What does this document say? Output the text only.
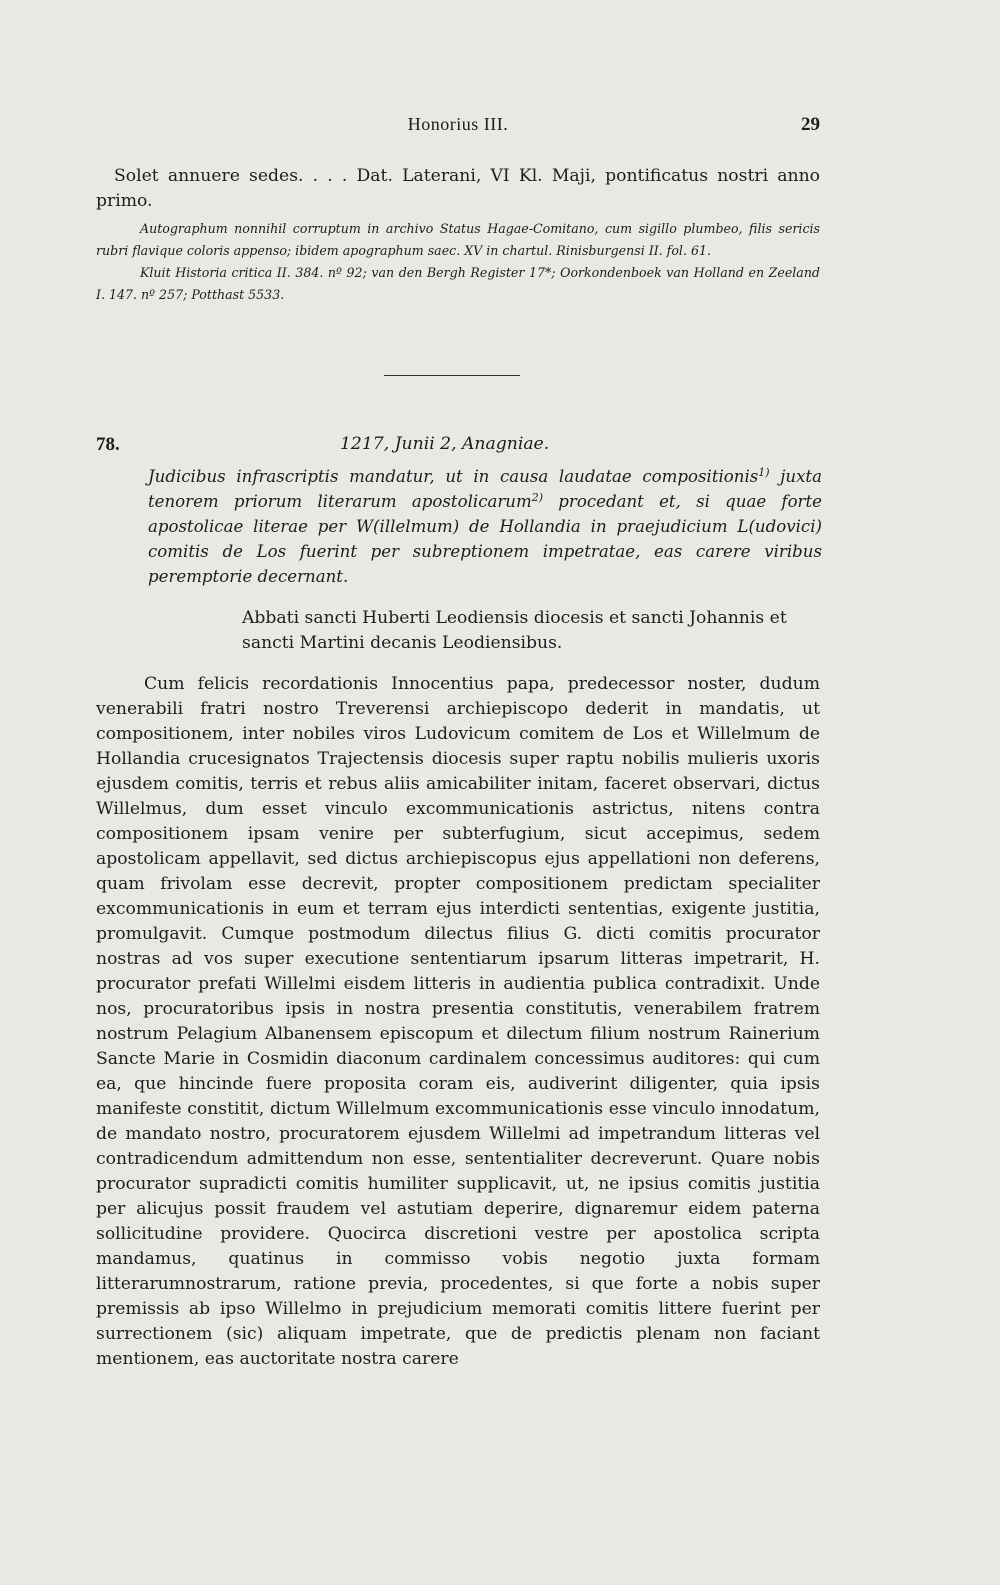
Honorius III.	29

Solet annuere sedes. . . . Dat. Laterani, VI Kl. Maji, pontificatus nostri anno primo.

Autographum nonnihil corruptum in archivo Status Hagae-Comitano, cum sigillo plumbeo, filis sericis rubri flavique coloris appenso; ibidem apographum saec. XV in chartul. Rinisburgensi II. fol. 61.

Kluit Historia critica II. 384. nº 92; van den Bergh Register 17*; Oorkondenboek van Holland en Zeeland I. 147. nº 257; Potthast 5533.

78.	1217, Junii 2, Anagniae.

Judicibus infrascriptis mandatur, ut in causa laudatae compositionis$^{1)}$ juxta tenorem priorum literarum apostolicarum$^{2)}$ procedant et, si quae forte apostolicae literae per W(illelmum) de Hollandia in praejudicium L(udovici) comitis de Los fuerint per subreptionem impetratae, eas carere viribus peremptorie decernant.

Abbati sancti Huberti Leodiensis diocesis et sancti Johannis et sancti Martini decanis Leodiensibus.

Cum felicis recordationis Innocentius papa, predecessor noster, dudum venerabili fratri nostro Treverensi archiepiscopo dederit in mandatis, ut compositionem, inter nobiles viros Ludovicum comitem de Los et Willelmum de Hollandia crucesignatos Trajectensis diocesis super raptu nobilis mulieris uxoris ejusdem comitis, terris et rebus aliis amicabiliter initam, faceret observari, dictus Willelmus, dum esset vinculo excommunicationis astrictus, nitens contra compositionem ipsam venire per subterfugium, sicut accepimus, sedem apostolicam appellavit, sed dictus archiepiscopus ejus appellationi non deferens, quam frivolam esse decrevit, propter compositionem predictam specialiter excommunicationis in eum et terram ejus interdicti sententias, exigente justitia, promulgavit. Cumque postmodum dilectus filius G. dicti comitis procurator nostras ad vos super executione sententiarum ipsarum litteras impetrarit, H. procurator prefati Willelmi eisdem litteris in audientia publica contradixit. Unde nos, procuratoribus ipsis in nostra presentia constitutis, venerabilem fratrem nostrum Pelagium Albanensem episcopum et dilectum filium nostrum Rainerium Sancte Marie in Cosmidin diaconum cardinalem concessimus auditores: qui cum ea, que hincinde fuere proposita coram eis, audiverint diligenter, quia ipsis manifeste constitit, dictum Willelmum excommunicationis esse vinculo innodatum, de mandato nostro, procuratorem ejusdem Willelmi ad impetrandum litteras vel contradicendum admittendum non esse, sententialiter decreverunt. Quare nobis procurator supradicti comitis humiliter supplicavit, ut, ne ipsius comitis justitia per alicujus possit fraudem vel astutiam deperire, dignaremur eidem paterna sollicitudine providere. Quocirca discretioni vestre per apostolica scripta mandamus, quatinus in commisso vobis negotio juxta formam litterarumnostrarum, ratione previa, procedentes, si que forte a nobis super premissis ab ipso Willelmo in prejudicium memorati comitis littere fuerint per surrectionem (sic) aliquam impetrate, que de predictis plenam non faciant mentionem, eas auctoritate nostra carere
